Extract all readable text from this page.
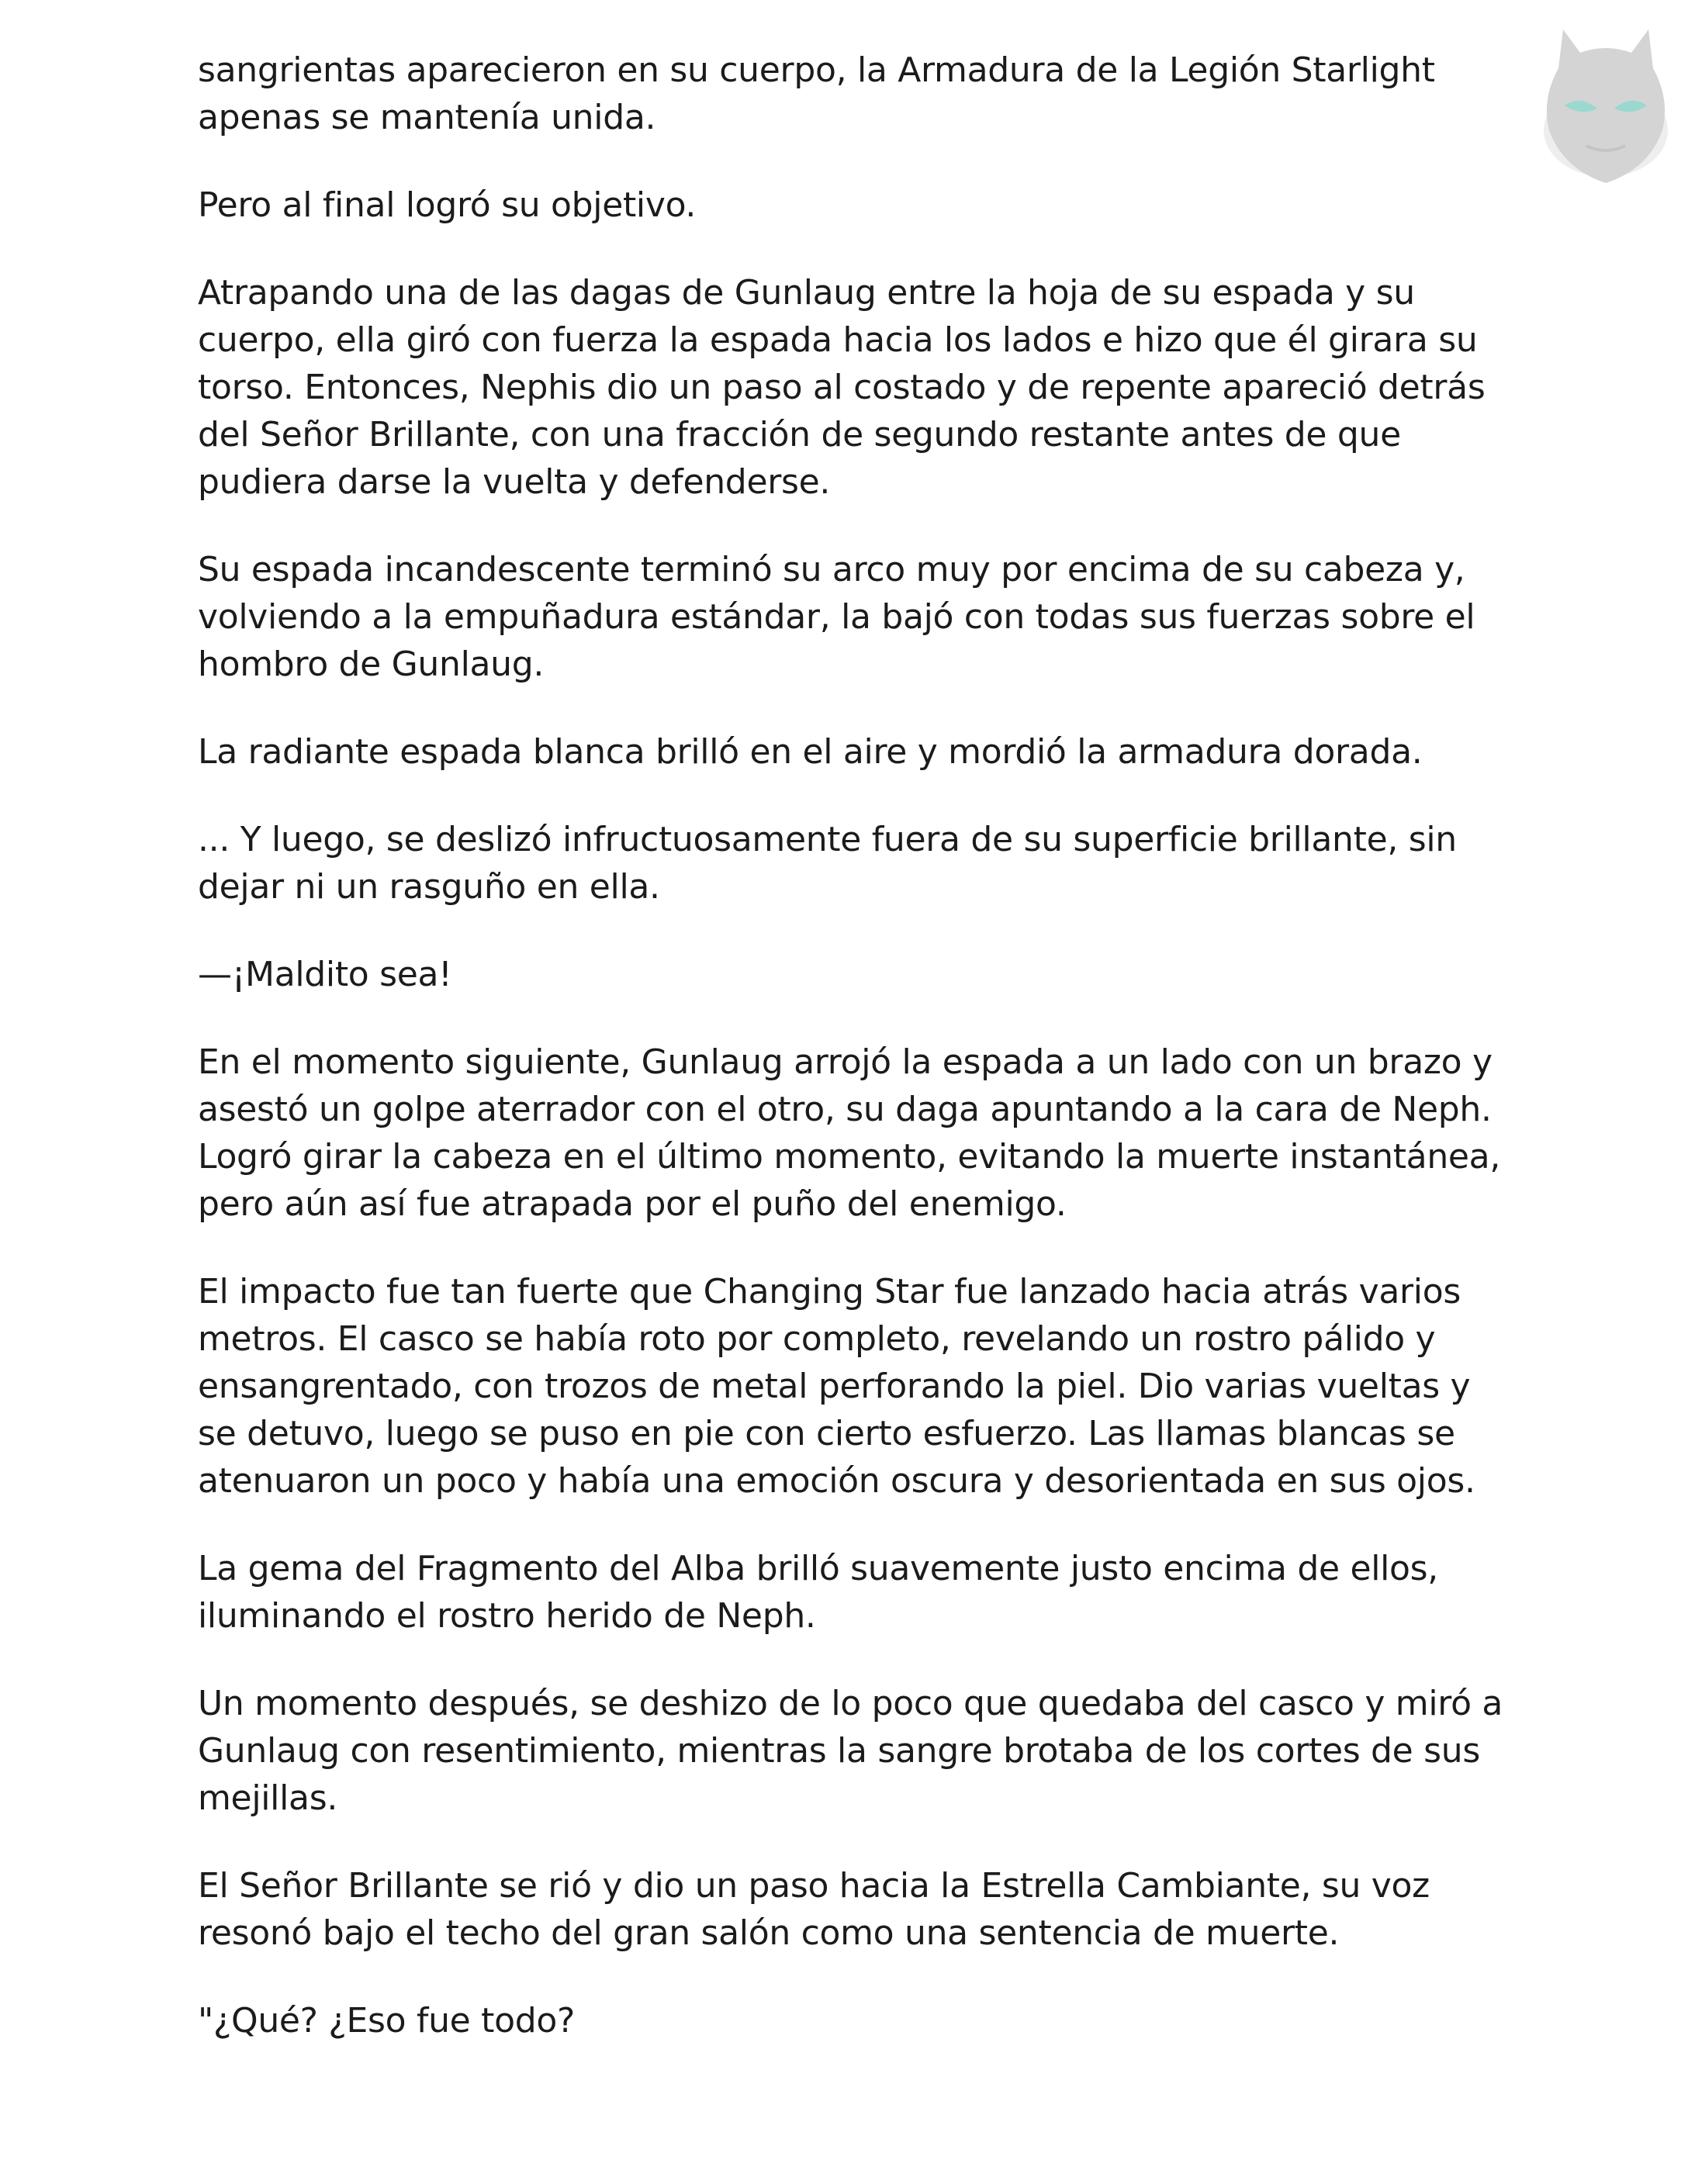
sangrientas aparecieron en su cuerpo, la Armadura de la Legión Starlight apenas se mantenía unida.

Pero al final logró su objetivo.

Atrapando una de las dagas de Gunlaug entre la hoja de su espada y su cuerpo, ella giró con fuerza la espada hacia los lados e hizo que él girara su torso. Entonces, Nephis dio un paso al costado y de repente apareció detrás del Señor Brillante, con una fracción de segundo restante antes de que pudiera darse la vuelta y defenderse.

Su espada incandescente terminó su arco muy por encima de su cabeza y, volviendo a la empuñadura estándar, la bajó con todas sus fuerzas sobre el hombro de Gunlaug.

La radiante espada blanca brilló en el aire y mordió la armadura dorada.

... Y luego, se deslizó infructuosamente fuera de su superficie brillante, sin dejar ni un rasguño en ella.

—¡Maldito sea!

En el momento siguiente, Gunlaug arrojó la espada a un lado con un brazo y asestó un golpe aterrador con el otro, su daga apuntando a la cara de Neph. Logró girar la cabeza en el último momento, evitando la muerte instantánea, pero aún así fue atrapada por el puño del enemigo.

El impacto fue tan fuerte que Changing Star fue lanzado hacia atrás varios metros. El casco se había roto por completo, revelando un rostro pálido y ensangrentado, con trozos de metal perforando la piel. Dio varias vueltas y se detuvo, luego se puso en pie con cierto esfuerzo. Las llamas blancas se atenuaron un poco y había una emoción oscura y desorientada en sus ojos.

La gema del Fragmento del Alba brilló suavemente justo encima de ellos, iluminando el rostro herido de Neph.

Un momento después, se deshizo de lo poco que quedaba del casco y miró a Gunlaug con resentimiento, mientras la sangre brotaba de los cortes de sus mejillas.

El Señor Brillante se rió y dio un paso hacia la Estrella Cambiante, su voz resonó bajo el techo del gran salón como una sentencia de muerte.

"¿Qué? ¿Eso fue todo?
